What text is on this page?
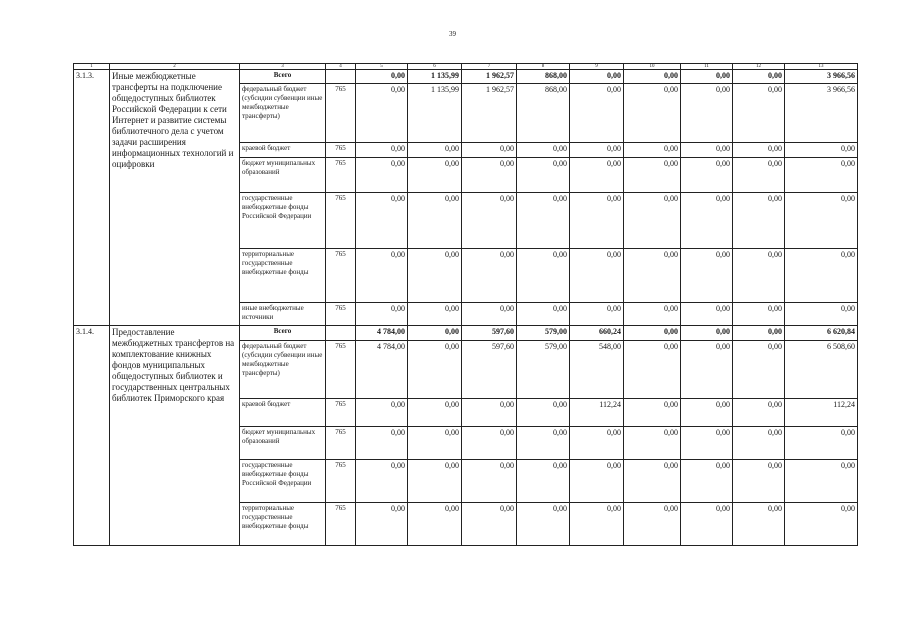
39
1	2	3	4	5	6	7	8	9	10	11	12	13
3.1.3.	Иные межбюджетные трансферты на подключение общедоступных библиотек Российской Федерации к сети Интернет и развитие системы библиотечного дела с учетом задачи расширения информационных технологий и оцифровки	Всего		0,00	1 135,99	1 962,57	868,00	0,00	0,00	0,00	0,00	3 966,56
		федеральный бюджет (субсидии субвенции иные межбюджетные трансферты)	765	0,00	1 135,99	1 962,57	868,00	0,00	0,00	0,00	0,00	3 966,56
		краевой бюджет	765	0,00	0,00	0,00	0,00	0,00	0,00	0,00	0,00	0,00
		бюджет муниципальных образований	765	0,00	0,00	0,00	0,00	0,00	0,00	0,00	0,00	0,00
		государственные внебюджетные фонды Российской Федерации	765	0,00	0,00	0,00	0,00	0,00	0,00	0,00	0,00	0,00
		территориальные государственные внебюджетные фонды	765	0,00	0,00	0,00	0,00	0,00	0,00	0,00	0,00	0,00
		иные внебюджетные источники	765	0,00	0,00	0,00	0,00	0,00	0,00	0,00	0,00	0,00
3.1.4.	Предоставление межбюджетных трансфертов на комплектование книжных фондов муниципальных общедоступных библиотек и государственных центральных библиотек Приморского края	Всего		4 784,00	0,00	597,60	579,00	660,24	0,00	0,00	0,00	6 620,84
		федеральный бюджет (субсидии субвенции иные межбюджетные трансферты)	765	4 784,00	0,00	597,60	579,00	548,00	0,00	0,00	0,00	6 508,60
		краевой бюджет	765	0,00	0,00	0,00	0,00	112,24	0,00	0,00	0,00	112,24
		бюджет муниципальных образований	765	0,00	0,00	0,00	0,00	0,00	0,00	0,00	0,00	0,00
		государственные внебюджетные фонды Российской Федерации	765	0,00	0,00	0,00	0,00	0,00	0,00	0,00	0,00	0,00
		территориальные государственные внебюджетные фонды	765	0,00	0,00	0,00	0,00	0,00	0,00	0,00	0,00	0,00
